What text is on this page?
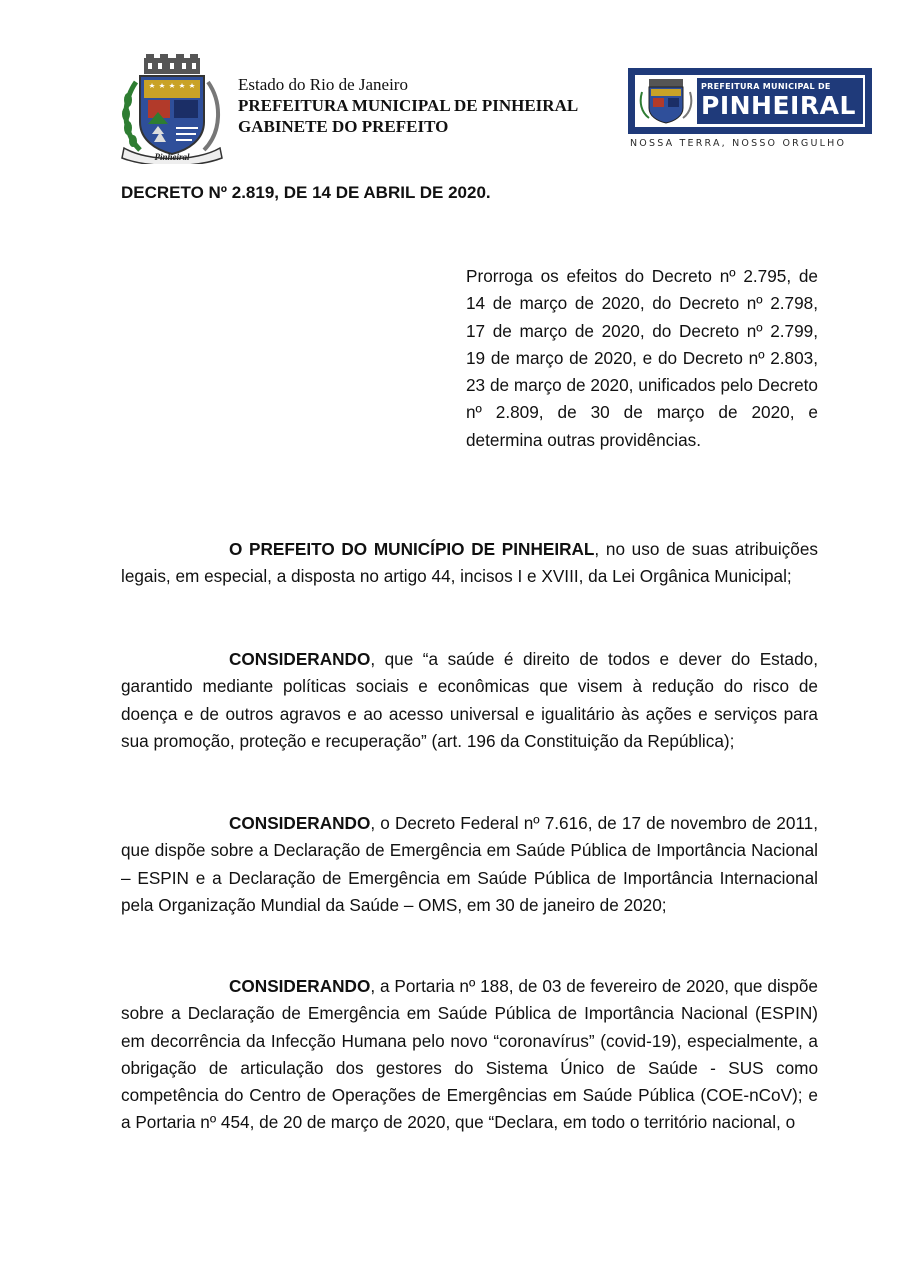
Pinheiral
Estado do Rio de Janeiro
PREFEITURA MUNICIPAL DE PINHEIRAL
GABINETE DO PREFEITO
PREFEITURA MUNICIPAL DE
PINHEIRAL
NOSSA TERRA, NOSSO ORGULHO
DECRETO Nº 2.819, DE 14 DE ABRIL DE 2020.
Prorroga os efeitos do Decreto nº 2.795, de 14 de março de 2020, do Decreto nº 2.798, 17 de março de 2020, do Decreto nº 2.799, 19 de março de 2020, e do Decreto nº 2.803, 23 de março de 2020, unificados pelo Decreto nº 2.809, de 30 de março de 2020, e determina outras providências.

O PREFEITO DO MUNICÍPIO DE PINHEIRAL, no uso de suas atribuições legais, em especial, a disposta no artigo 44, incisos I e XVIII, da Lei Orgânica Municipal;

CONSIDERANDO, que “a saúde é direito de todos e dever do Estado, garantido mediante políticas sociais e econômicas que visem à redução do risco de doença e de outros agravos e ao acesso universal e igualitário às ações e serviços para sua promoção, proteção e recuperação” (art. 196 da Constituição da República);

CONSIDERANDO, o Decreto Federal nº 7.616, de 17 de novembro de 2011, que dispõe sobre a Declaração de Emergência em Saúde Pública de Importância Nacional – ESPIN e a Declaração de Emergência em Saúde Pública de Importância Internacional pela Organização Mundial da Saúde – OMS, em 30 de janeiro de 2020;

CONSIDERANDO, a Portaria nº 188, de 03 de fevereiro de 2020, que dispõe sobre a Declaração de Emergência em Saúde Pública de Importância Nacional (ESPIN) em decorrência da Infecção Humana pelo novo “coronavírus” (covid-19), especialmente, a obrigação de articulação dos gestores do Sistema Único de Saúde - SUS como competência do Centro de Operações de Emergências em Saúde Pública (COE-nCoV); e a Portaria nº 454, de 20 de março de 2020, que “Declara, em todo o território nacional, o
